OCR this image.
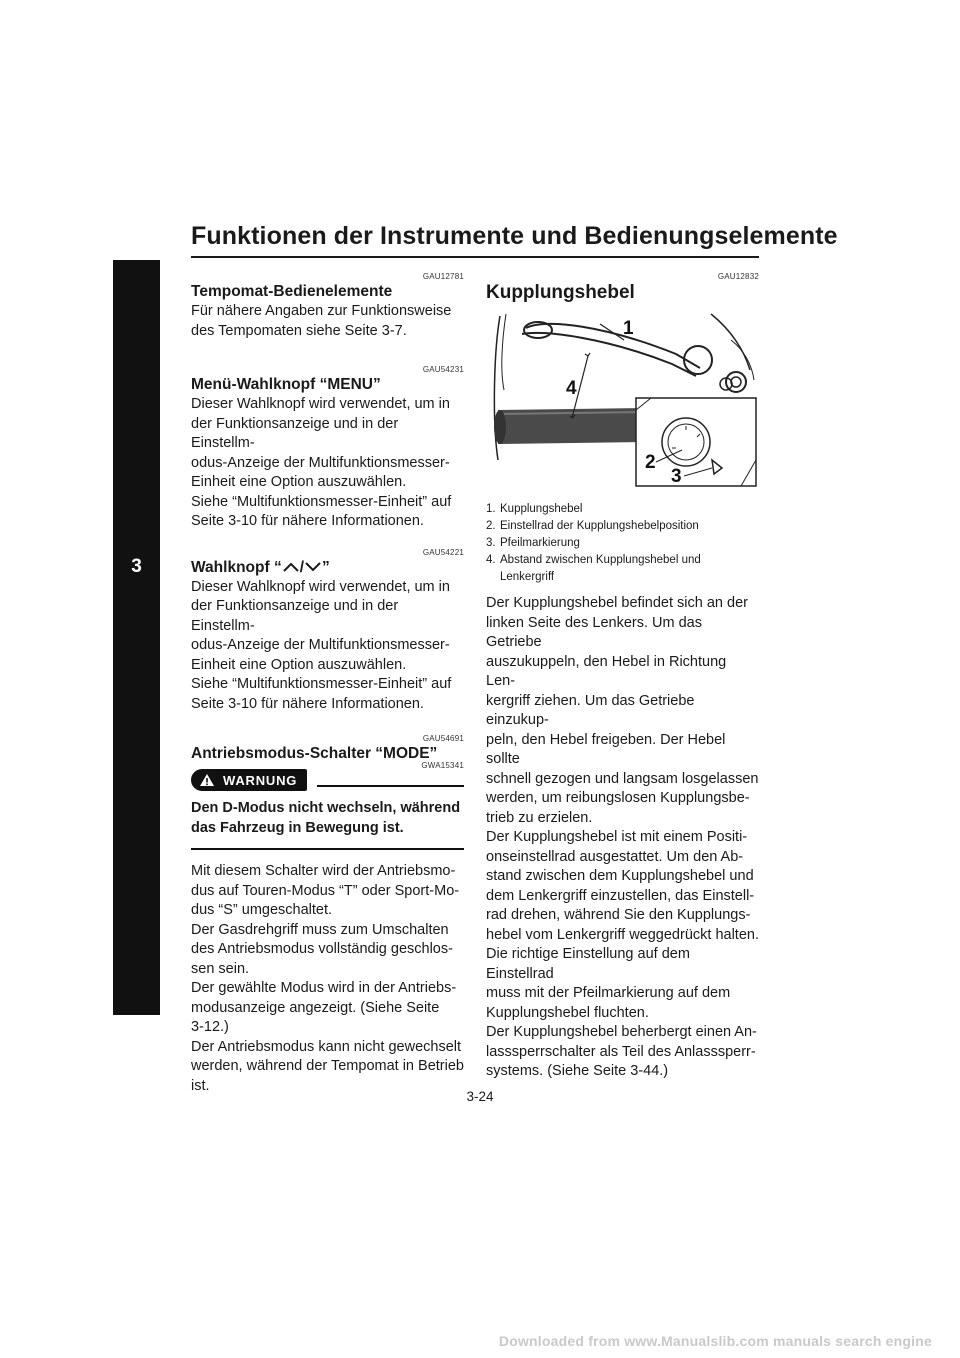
Funktionen der Instrumente und Bedienungselemente
3
GAU12781
Tempomat-Bedienelemente

Für nähere Angaben zur Funktionsweise
des Tempomaten siehe Seite 3-7.

GAU54231
Menü-Wahlknopf “MENU”

Dieser Wahlknopf wird verwendet, um in
der Funktionsanzeige und in der Einstellm-
odus-Anzeige der Multifunktionsmesser-
Einheit eine Option auszuwählen.
Siehe “Multifunktionsmesser-Einheit” auf
Seite 3-10 für nähere Informationen.

GAU54221
Wahlknopf “ / ”

Dieser Wahlknopf wird verwendet, um in
der Funktionsanzeige und in der Einstellm-
odus-Anzeige der Multifunktionsmesser-
Einheit eine Option auszuwählen.
Siehe “Multifunktionsmesser-Einheit” auf
Seite 3-10 für nähere Informationen.

GAU54691
Antriebsmodus-Schalter “MODE”
WARNUNG
GWA15341
Den D-Modus nicht wechseln, während
das Fahrzeug in Bewegung ist.

Mit diesem Schalter wird der Antriebsmo-
dus auf Touren-Modus “T” oder Sport-Mo-
dus “S” umgeschaltet.
Der Gasdrehgriff muss zum Umschalten
des Antriebsmodus vollständig geschlos-
sen sein.
Der gewählte Modus wird in der Antriebs-
modusanzeige angezeigt. (Siehe Seite
3-12.)
Der Antriebsmodus kann nicht gewechselt
werden, während der Tempomat in Betrieb
ist.

GAU12832
Kupplungshebel
1
4
2
3
1. Kupplungshebel
2. Einstellrad der Kupplungshebelposition
3. Pfeilmarkierung
4. Abstand zwischen Kupplungshebel und
Lenkergriff

Der Kupplungshebel befindet sich an der
linken Seite des Lenkers. Um das Getriebe
auszukuppeln, den Hebel in Richtung Len-
kergriff ziehen. Um das Getriebe einzukup-
peln, den Hebel freigeben. Der Hebel sollte
schnell gezogen und langsam losgelassen
werden, um reibungslosen Kupplungsbe-
trieb zu erzielen.
Der Kupplungshebel ist mit einem Positi-
onseinstellrad ausgestattet. Um den Ab-
stand zwischen dem Kupplungshebel und
dem Lenkergriff einzustellen, das Einstell-
rad drehen, während Sie den Kupplungs-
hebel vom Lenkergriff weggedrückt halten.
Die richtige Einstellung auf dem Einstellrad
muss mit der Pfeilmarkierung auf dem
Kupplungshebel fluchten.
Der Kupplungshebel beherbergt einen An-
lasssperrschalter als Teil des Anlasssperr-
systems. (Siehe Seite 3-44.)

3-24
Downloaded from www.Manualslib.com manuals search engine
